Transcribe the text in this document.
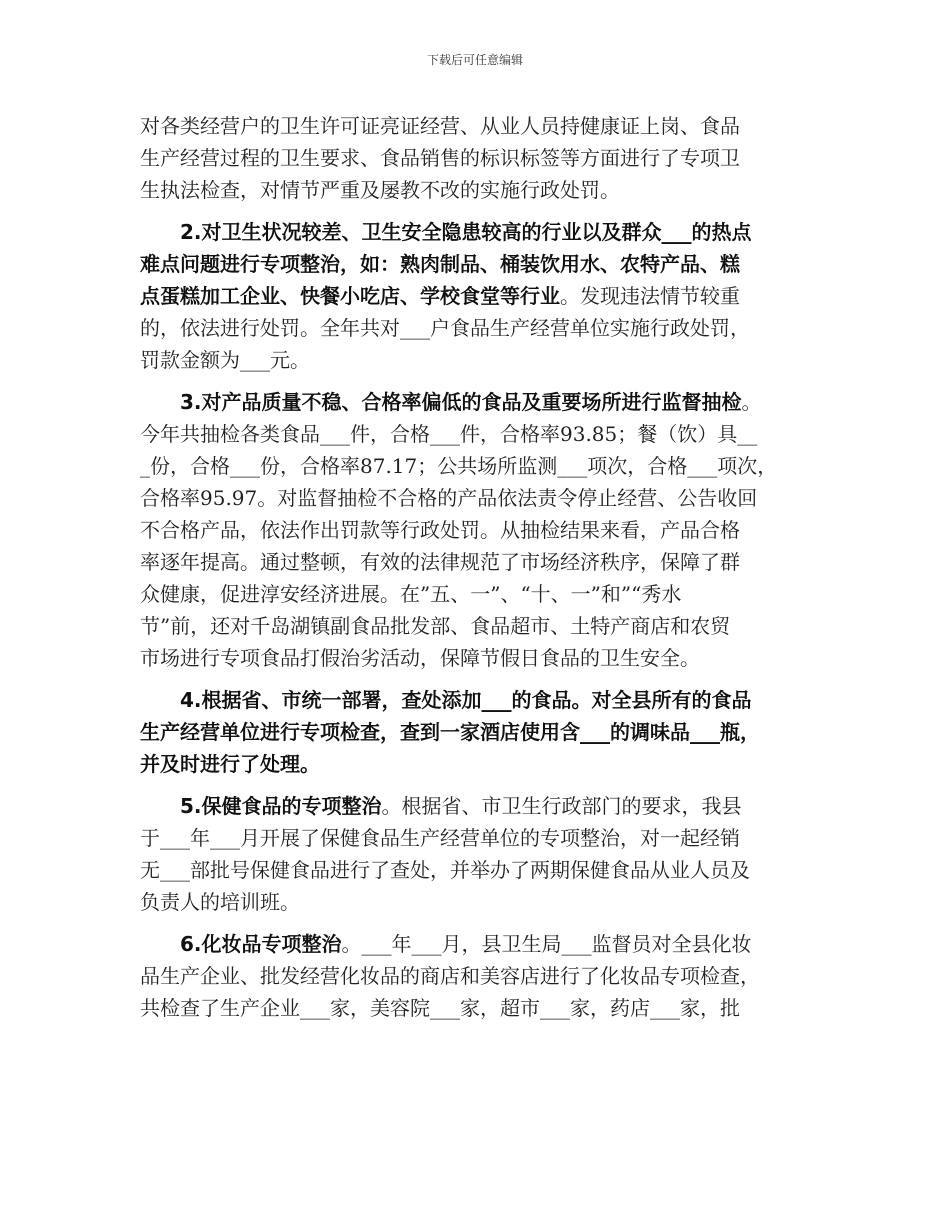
下载后可任意编辑
对各类经营户的卫生许可证亮证经营、从业人员持健康证上岗、食品
生产经营过程的卫生要求、食品销售的标识标签等方面进行了专项卫
生执法检查，对情节严重及屡教不改的实施行政处罚。
2.对卫生状况较差、卫生安全隐患较高的行业以及群众___的热点
难点问题进行专项整治，如：熟肉制品、桶装饮用水、农特产品、糕
点蛋糕加工企业、快餐小吃店、学校食堂等行业。发现违法情节较重
的，依法进行处罚。全年共对___户食品生产经营单位实施行政处罚，
罚款金额为___元。
3.对产品质量不稳、合格率偏低的食品及重要场所进行监督抽检。
今年共抽检各类食品___件，合格___件，合格率93.85；餐（饮）具__
_份，合格___份，合格率87.17；公共场所监测___项次，合格___项次，
合格率95.97。对监督抽检不合格的产品依法责令停止经营、公告收回
不合格产品，依法作出罚款等行政处罚。从抽检结果来看，产品合格
率逐年提高。通过整顿，有效的法律规范了市场经济秩序，保障了群
众健康，促进淳安经济进展。在”五、一”、“十、一”和”“秀水
节”前，还对千岛湖镇副食品批发部、食品超市、土特产商店和农贸
市场进行专项食品打假治劣活动，保障节假日食品的卫生安全。
4.根据省、市统一部署，查处添加___的食品。对全县所有的食品
生产经营单位进行专项检查，查到一家酒店使用含___的调味品___瓶，
并及时进行了处理。
5.保健食品的专项整治。根据省、市卫生行政部门的要求，我县
于___年___月开展了保健食品生产经营单位的专项整治，对一起经销
无___部批号保健食品进行了查处，并举办了两期保健食品从业人员及
负责人的培训班。
6.化妆品专项整治。___年___月，县卫生局___监督员对全县化妆
品生产企业、批发经营化妆品的商店和美容店进行了化妆品专项检查，
共检查了生产企业___家，美容院___家，超市___家，药店___家，批
